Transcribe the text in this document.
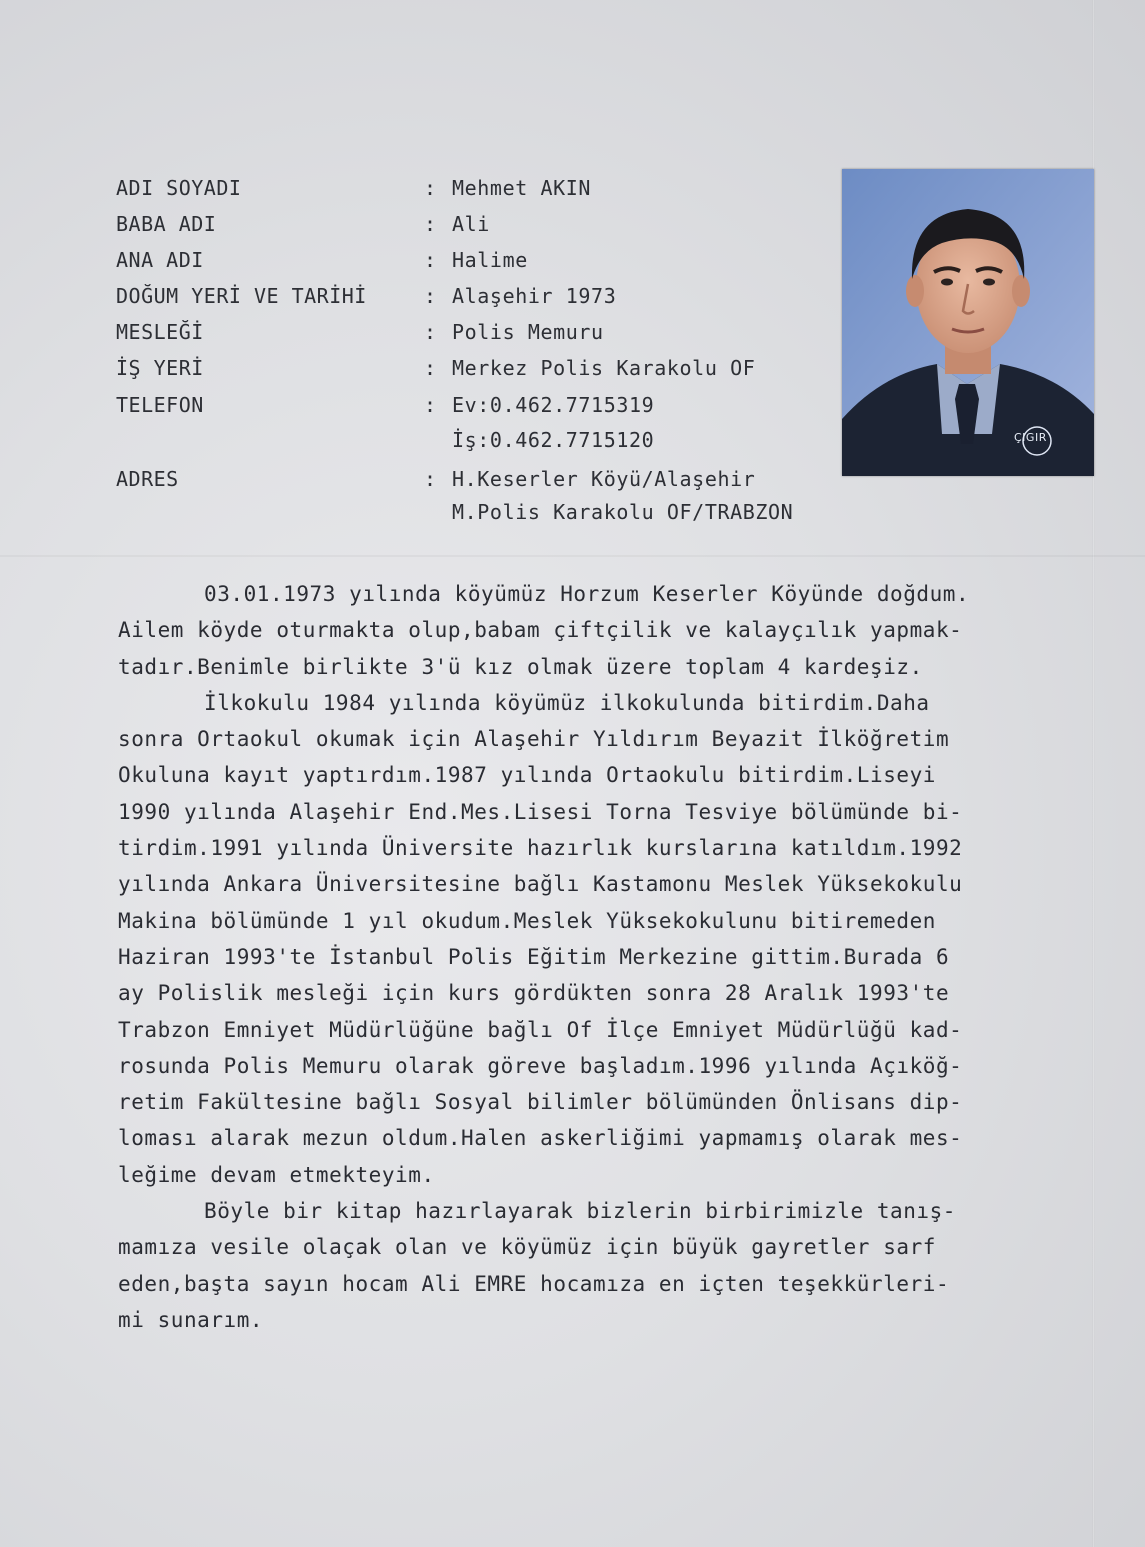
ADI SOYADI	: Mehmet AKIN
BABA ADI	: Ali
ANA ADI	: Halime
DOĞUM YERİ VE TARİHİ	: Alaşehir 1973
MESLEĞİ	: Polis Memuru
İŞ YERİ	: Merkez Polis Karakolu OF
TELEFON	: Ev:0.462.7715319
İş:0.462.7715120
ADRES	: H.Keserler Köyü/Alaşehir
M.Polis Karakolu OF/TRABZON
ÇIGIR
03.01.1973 yılında köyümüz Horzum Keserler Köyünde doğdum.
Ailem köyde oturmakta olup,babam çiftçilik ve kalayçılık yapmak-
tadır.Benimle birlikte 3'ü kız olmak üzere toplam 4 kardeşiz.
İlkokulu 1984 yılında köyümüz ilkokulunda bitirdim.Daha
sonra Ortaokul okumak için Alaşehir Yıldırım Beyazit İlköğretim
Okuluna kayıt yaptırdım.1987 yılında Ortaokulu bitirdim.Liseyi
1990 yılında Alaşehir End.Mes.Lisesi Torna Tesviye bölümünde bi-
tirdim.1991 yılında Üniversite hazırlık kurslarına katıldım.1992
yılında Ankara Üniversitesine bağlı Kastamonu Meslek Yüksekokulu
Makina bölümünde 1 yıl okudum.Meslek Yüksekokulunu bitiremeden
Haziran 1993'te İstanbul Polis Eğitim Merkezine gittim.Burada 6
ay Polislik mesleği için kurs gördükten sonra 28 Aralık 1993'te
Trabzon Emniyet Müdürlüğüne bağlı Of İlçe Emniyet Müdürlüğü kad-
rosunda Polis Memuru olarak göreve başladım.1996 yılında Açıköğ-
retim Fakültesine bağlı Sosyal bilimler bölümünden Önlisans dip-
loması alarak mezun oldum.Halen askerliğimi yapmamış olarak mes-
leğime devam etmekteyim.
Böyle bir kitap hazırlayarak bizlerin birbirimizle tanış-
mamıza vesile olaçak olan ve köyümüz için büyük gayretler sarf
eden,başta sayın hocam Ali EMRE hocamıza en içten teşekkürleri-
mi sunarım.
